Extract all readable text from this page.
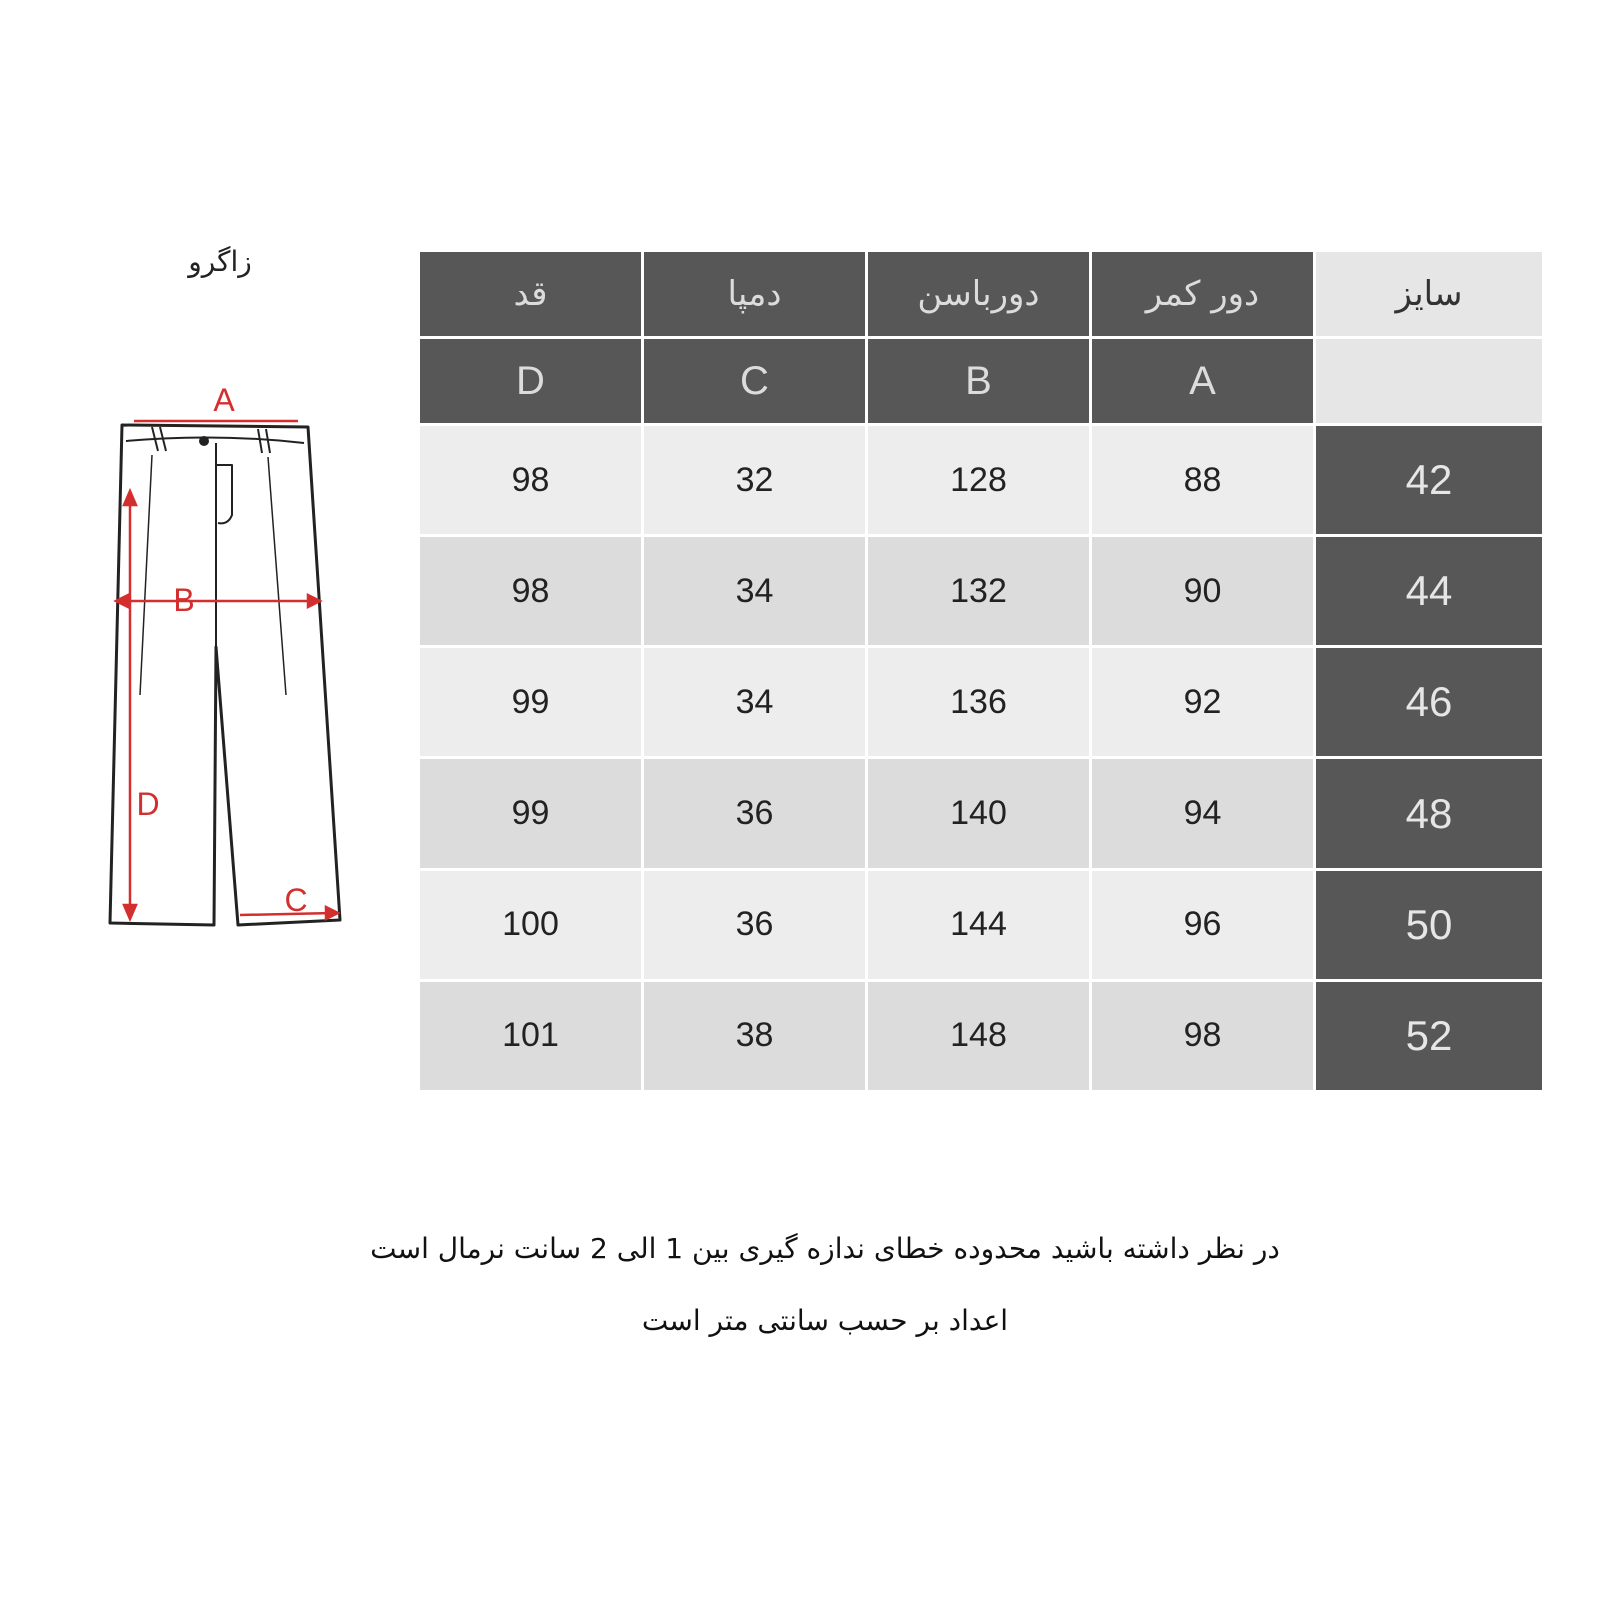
زاگرو
A
B
D
C
قد	دمپا	دورباسن	دور کمر	سایز
D	C	B	A	
98	32	128	88	42
98	34	132	90	44
99	34	136	92	46
99	36	140	94	48
100	36	144	96	50
101	38	148	98	52
در نظر داشته باشید محدوده خطای ندازه گیری بین 1 الی 2 سانت نرمال است
اعداد بر حسب سانتی متر است
